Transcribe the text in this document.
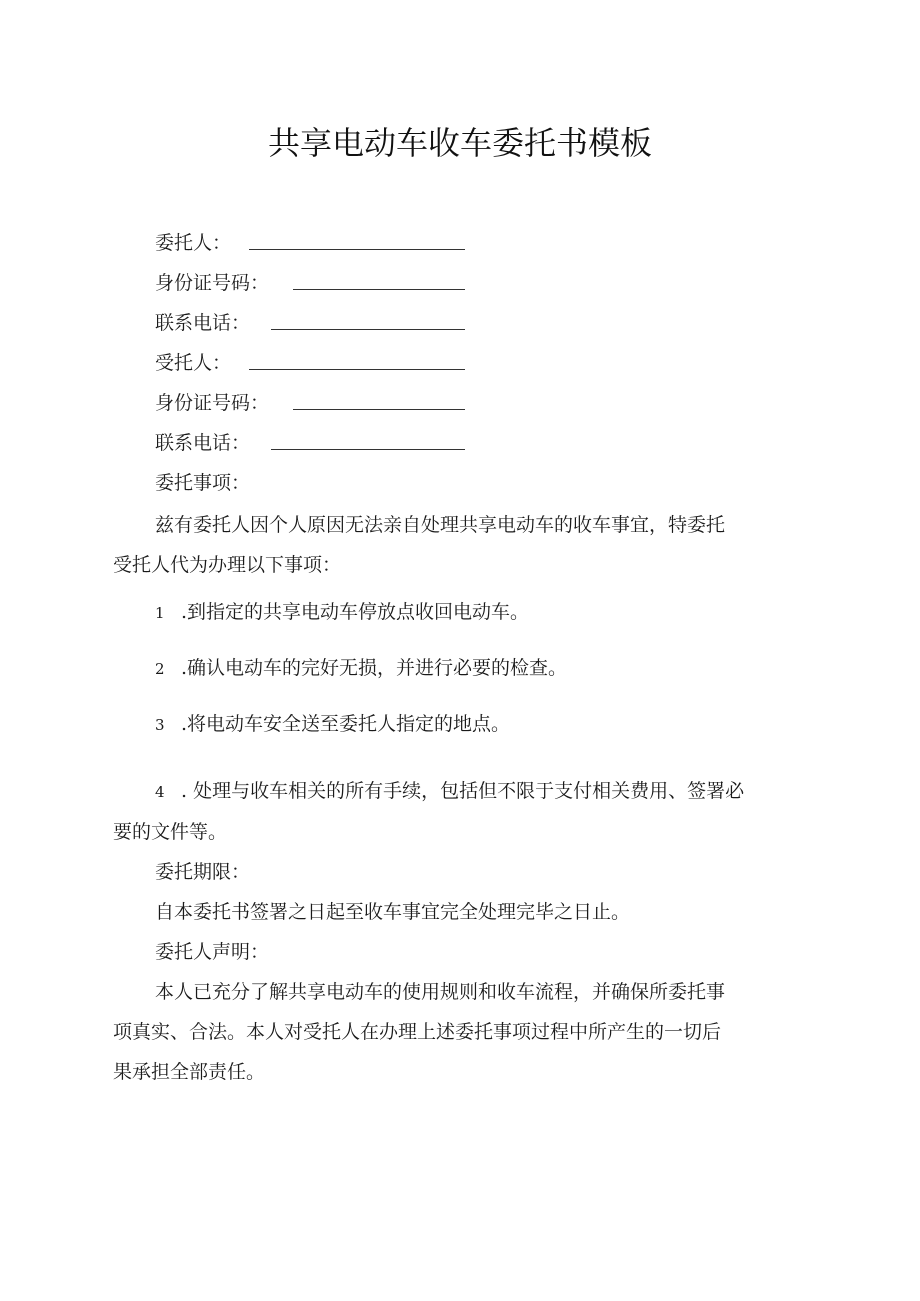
共享电动车收车委托书模板
委托人：
身份证号码：
联系电话：
受托人：
身份证号码：
联系电话：
委托事项：
兹有委托人因个人原因无法亲自处理共享电动车的收车事宜，特委托
受托人代为办理以下事项：
1 .到指定的共享电动车停放点收回电动车。
2 .确认电动车的完好无损，并进行必要的检查。
3 .将电动车安全送至委托人指定的地点。
4 . 处理与收车相关的所有手续，包括但不限于支付相关费用、签署必
要的文件等。
委托期限：
自本委托书签署之日起至收车事宜完全处理完毕之日止。
委托人声明：
本人已充分了解共享电动车的使用规则和收车流程，并确保所委托事
项真实、合法。本人对受托人在办理上述委托事项过程中所产生的一切后
果承担全部责任。
